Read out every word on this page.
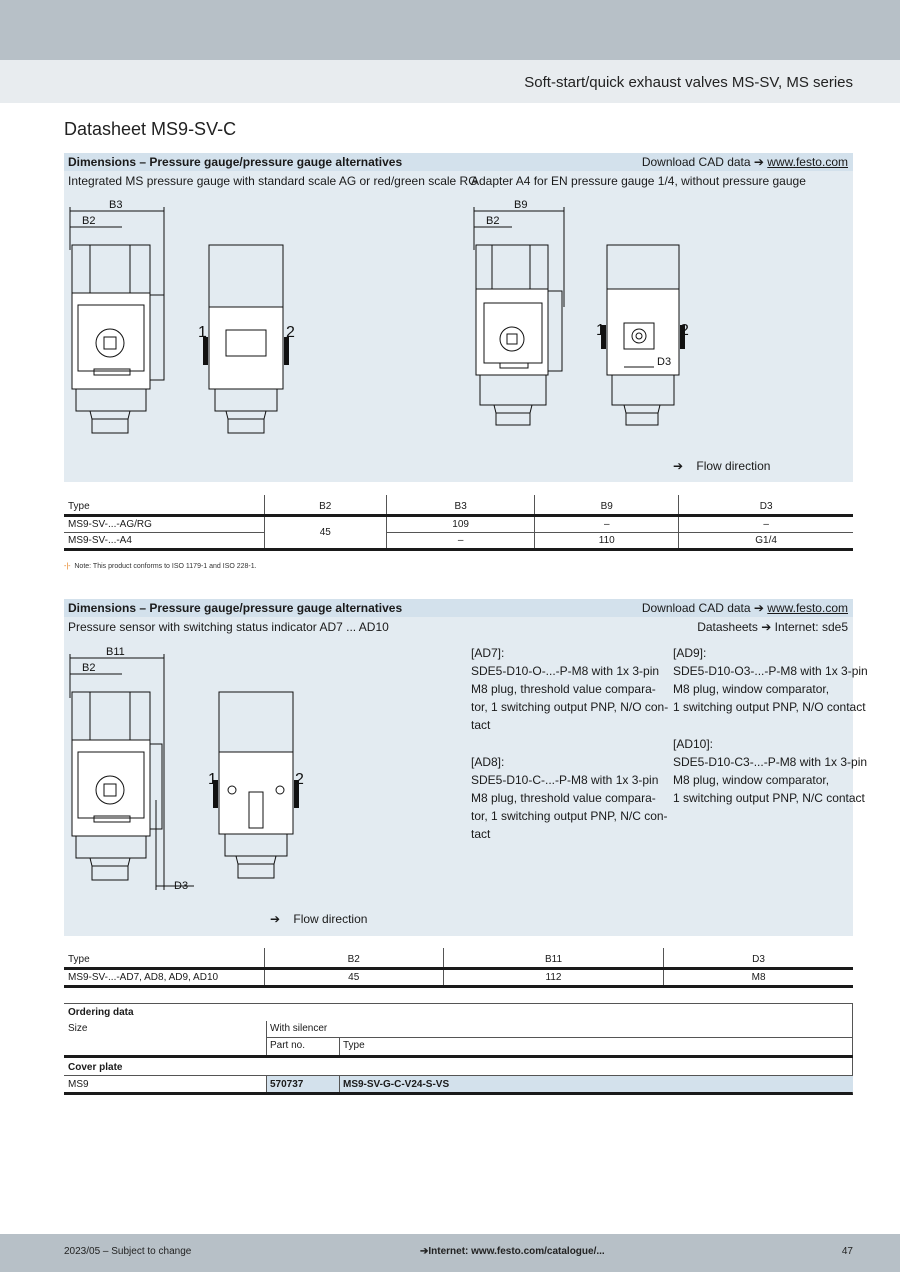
Soft-start/quick exhaust valves MS-SV, MS series
Datasheet MS9-SV-C
Dimensions – Pressure gauge/pressure gauge alternatives	Download CAD data ➔ www.festo.com
Integrated MS pressure gauge with standard scale AG or red/green scale RG
Adapter A4 for EN pressure gauge 1/4, without pressure gauge
B3
B2
1	2
B9
B2
D3
1	2
➔    Flow direction
Type	B2	B3	B9	D3
MS9-SV-...-AG/RG	45	109	–	–
MS9-SV-...-A4		–	110	G1/4
-|- Note: This product conforms to ISO 1179-1 and ISO 228-1.
Dimensions – Pressure gauge/pressure gauge alternatives	Download CAD data ➔ www.festo.com
Pressure sensor with switching status indicator AD7 ... AD10	Datasheets ➔ Internet: sde5
B11
B2
D3
1	2
[AD7]:
SDE5-D10-O-...-P-M8 with 1x 3-pin
M8 plug, threshold value compara-
tor, 1 switching output PNP, N/O con-
tact
[AD8]:
SDE5-D10-C-...-P-M8 with 1x 3-pin
M8 plug, threshold value compara-
tor, 1 switching output PNP, N/C con-
tact
[AD9]:
SDE5-D10-O3-...-P-M8 with 1x 3-pin
M8 plug, window comparator,
1 switching output PNP, N/O contact
[AD10]:
SDE5-D10-C3-...-P-M8 with 1x 3-pin
M8 plug, window comparator,
1 switching output PNP, N/C contact
➔    Flow direction
Type	B2	B11	D3
MS9-SV-...-AD7, AD8, AD9, AD10	45	112	M8
Ordering data
Size	With silencer
Part no.	Type
Cover plate
MS9	570737	MS9-SV-G-C-V24-S-VS
2023/05 – Subject to change	➔Internet: www.festo.com/catalogue/...	47
